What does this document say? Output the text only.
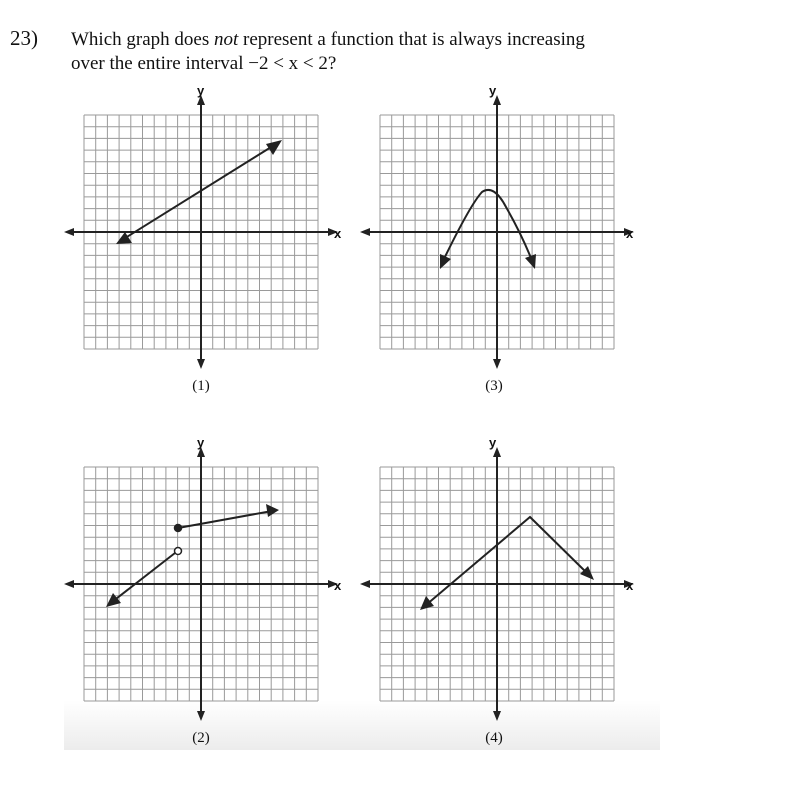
23) Which graph does not represent a function that is always increasing
over the entire interval −2 < x < 2?
y
x
(1)
y
x
(3)
y
x
(2)
y
x
(4)
